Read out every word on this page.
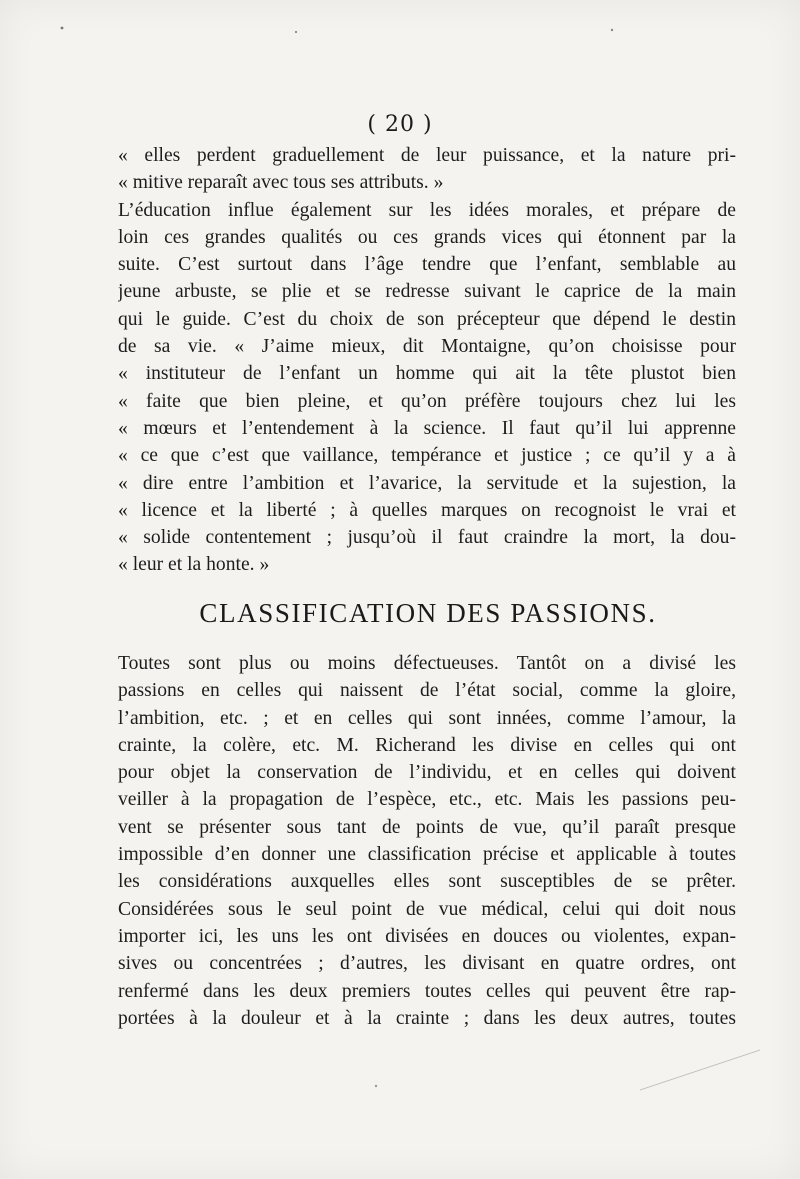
( 20 )
« elles perdent graduellement de leur puissance, et la nature pri-
« mitive reparaît avec tous ses attributs. »
L’éducation influe également sur les idées morales, et prépare de
loin ces grandes qualités ou ces grands vices qui étonnent par la
suite. C’est surtout dans l’âge tendre que l’enfant, semblable au
jeune arbuste, se plie et se redresse suivant le caprice de la main
qui le guide. C’est du choix de son précepteur que dépend le destin
de sa vie. « J’aime mieux, dit Montaigne, qu’on choisisse pour
« instituteur de l’enfant un homme qui ait la tête plustot bien
« faite que bien pleine, et qu’on préfère toujours chez lui les
« mœurs et l’entendement à la science. Il faut qu’il lui apprenne
« ce que c’est que vaillance, tempérance et justice ; ce qu’il y a à
« dire entre l’ambition et l’avarice, la servitude et la sujestion, la
« licence et la liberté ; à quelles marques on recognoist le vrai et
« solide contentement ; jusqu’où il faut craindre la mort, la dou-
« leur et la honte. »
CLASSIFICATION DES PASSIONS.
Toutes sont plus ou moins défectueuses. Tantôt on a divisé les
passions en celles qui naissent de l’état social, comme la gloire,
l’ambition, etc. ; et en celles qui sont innées, comme l’amour, la
crainte, la colère, etc. M. Richerand les divise en celles qui ont
pour objet la conservation de l’individu, et en celles qui doivent
veiller à la propagation de l’espèce, etc., etc. Mais les passions peu-
vent se présenter sous tant de points de vue, qu’il paraît presque
impossible d’en donner une classification précise et applicable à toutes
les considérations auxquelles elles sont susceptibles de se prêter.
Considérées sous le seul point de vue médical, celui qui doit nous
importer ici, les uns les ont divisées en douces ou violentes, expan-
sives ou concentrées ; d’autres, les divisant en quatre ordres, ont
renfermé dans les deux premiers toutes celles qui peuvent être rap-
portées à la douleur et à la crainte ; dans les deux autres, toutes
